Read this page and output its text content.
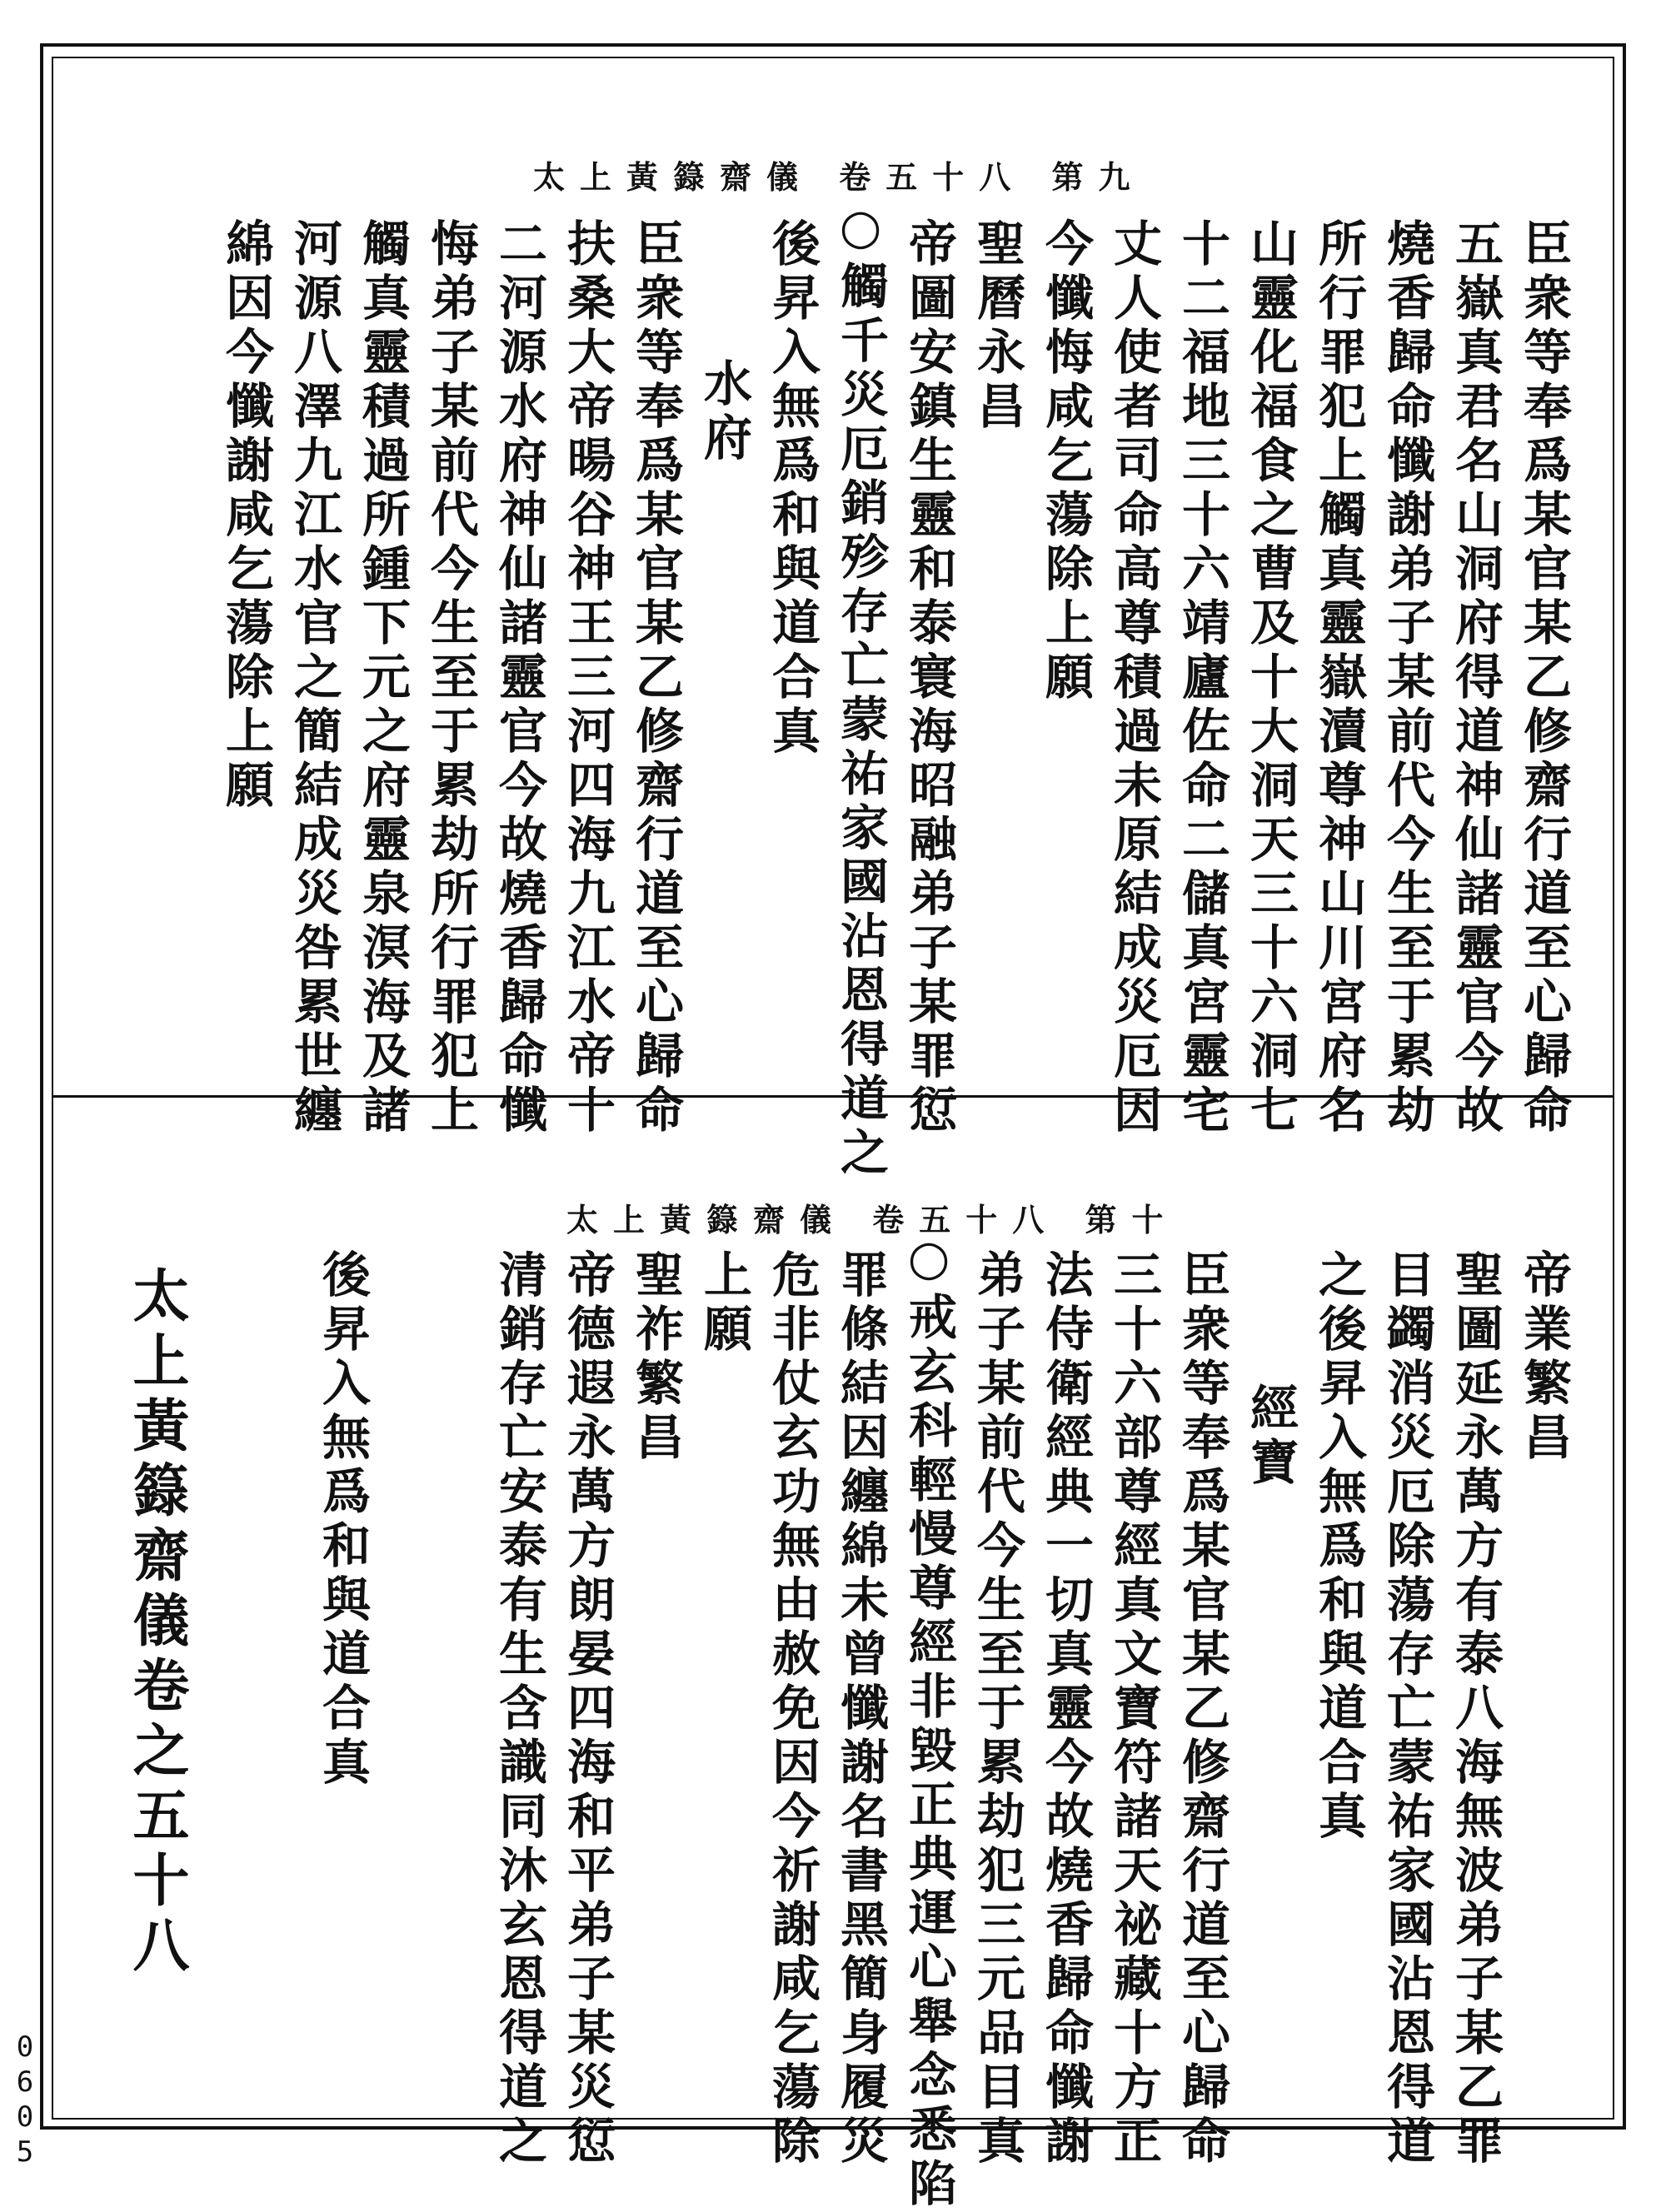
太上黃籙齋儀 卷五十八 第九
臣衆等奉爲某官某乙修齋行道至心歸命
五嶽真君名山洞府得道神仙諸靈官今故
燒香歸命懺謝弟子某前代今生至于累劫
所行罪犯上觸真靈嶽瀆尊神山川宮府名
山靈化福食之曹及十大洞天三十六洞七
十二福地三十六靖廬佐命二儲真宮靈宅
丈人使者司命高尊積過未原結成災厄因
今懺悔咸乞蕩除上願
聖曆永昌
帝圖安鎮生靈和泰寰海昭融弟子某罪愆
○觸千災厄銷殄存亡蒙祐家國沾恩得道之
後昇入無爲和與道合真
水府
臣衆等奉爲某官某乙修齋行道至心歸命
扶桑大帝暘谷神王三河四海九江水帝十
二河源水府神仙諸靈官今故燒香歸命懺
悔弟子某前代今生至于累劫所行罪犯上
觸真靈積過所鍾下元之府靈泉溟海及諸
河源八澤九江水官之簡結成災咎累世纏
綿因今懺謝咸乞蕩除上願
太上黃籙齋儀 卷五十八 第十
帝業繁昌
聖圖延永萬方有泰八海無波弟子某乙罪
目蠲消災厄除蕩存亡蒙祐家國沾恩得道
之後昇入無爲和與道合真
經寶
臣衆等奉爲某官某乙修齋行道至心歸命
三十六部尊經真文寶符諸天祕藏十方正
法侍衛經典一切真靈今故燒香歸命懺謝
弟子某前代今生至于累劫犯三元品目真
○戒玄科輕慢尊經非毀正典運心舉念悉陷
罪條結因纏綿未曾懺謝名書黑簡身履災
危非仗玄功無由赦免因今祈謝咸乞蕩除
上願
聖祚繁昌
帝德遐永萬方朗晏四海和平弟子某災愆
清銷存亡安泰有生含識同沐玄恩得道之
後昇入無爲和與道合真
太上黃籙齋儀卷之五十八
0605
